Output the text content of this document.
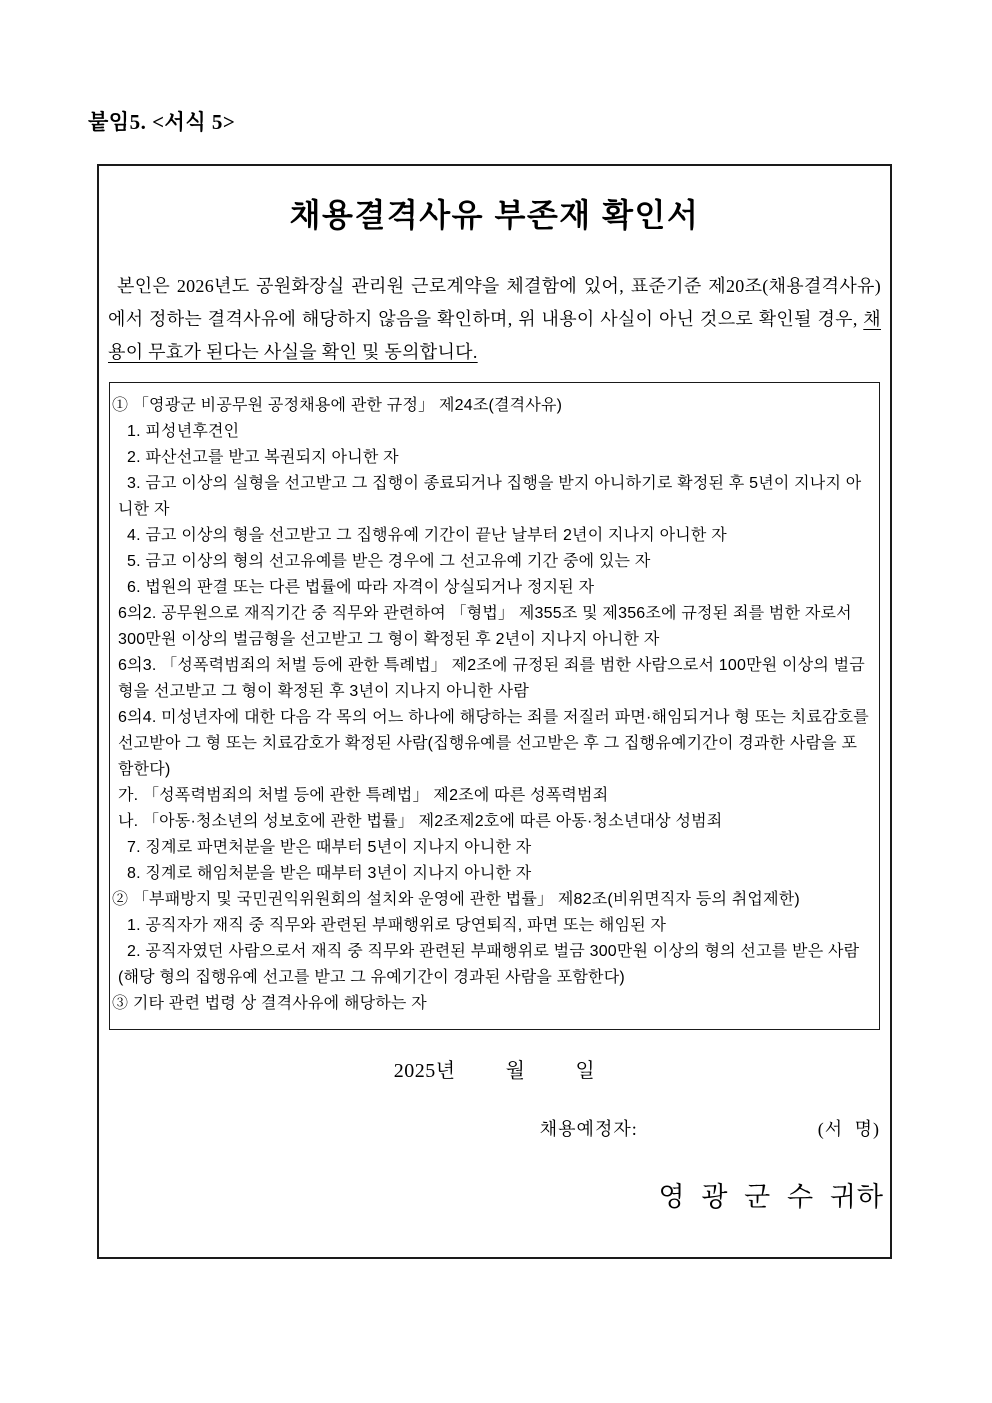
붙임5. <서식 5>
채용결격사유 부존재 확인서

본인은 2026년도 공원화장실 관리원 근로계약을 체결함에 있어, 표준기준 제20조(채용결격사유)에서 정하는 결격사유에 해당하지 않음을 확인하며, 위 내용이 사실이 아닌 것으로 확인될 경우, 채용이 무효가 된다는 사실을 확인 및 동의합니다.

① 「영광군 비공무원 공정채용에 관한 규정」 제24조(결격사유)
1. 피성년후견인
2. 파산선고를 받고 복권되지 아니한 자
3. 금고 이상의 실형을 선고받고 그 집행이 종료되거나 집행을 받지 아니하기로 확정된 후 5년이 지나지 아니한 자
4. 금고 이상의 형을 선고받고 그 집행유예 기간이 끝난 날부터 2년이 지나지 아니한 자
5. 금고 이상의 형의 선고유예를 받은 경우에 그 선고유예 기간 중에 있는 자
6. 법원의 판결 또는 다른 법률에 따라 자격이 상실되거나 정지된 자
6의2. 공무원으로 재직기간 중 직무와 관련하여 「형법」 제355조 및 제356조에 규정된 죄를 범한 자로서 300만원 이상의 벌금형을 선고받고 그 형이 확정된 후 2년이 지나지 아니한 자
6의3. 「성폭력범죄의 처벌 등에 관한 특례법」 제2조에 규정된 죄를 범한 사람으로서 100만원 이상의 벌금형을 선고받고 그 형이 확정된 후 3년이 지나지 아니한 사람
6의4. 미성년자에 대한 다음 각 목의 어느 하나에 해당하는 죄를 저질러 파면·해임되거나 형 또는 치료감호를 선고받아 그 형 또는 치료감호가 확정된 사람(집행유예를 선고받은 후 그 집행유예기간이 경과한 사람을 포함한다)
가. 「성폭력범죄의 처벌 등에 관한 특례법」 제2조에 따른 성폭력범죄
나. 「아동·청소년의 성보호에 관한 법률」 제2조제2호에 따른 아동·청소년대상 성범죄
7. 징계로 파면처분을 받은 때부터 5년이 지나지 아니한 자
8. 징계로 해임처분을 받은 때부터 3년이 지나지 아니한 자
② 「부패방지 및 국민권익위원회의 설치와 운영에 관한 법률」 제82조(비위면직자 등의 취업제한)
1. 공직자가 재직 중 직무와 관련된 부패행위로 당연퇴직, 파면 또는 해임된 자
2. 공직자였던 사람으로서 재직 중 직무와 관련된 부패행위로 벌금 300만원 이상의 형의 선고를 받은 사람(해당 형의 집행유예 선고를 받고 그 유예기간이 경과된 사람을 포함한다)
③ 기타 관련 법령 상 결격사유에 해당하는 자
2025년	월	일
채용예정자:	(서 명)
영 광 군 수 귀하
